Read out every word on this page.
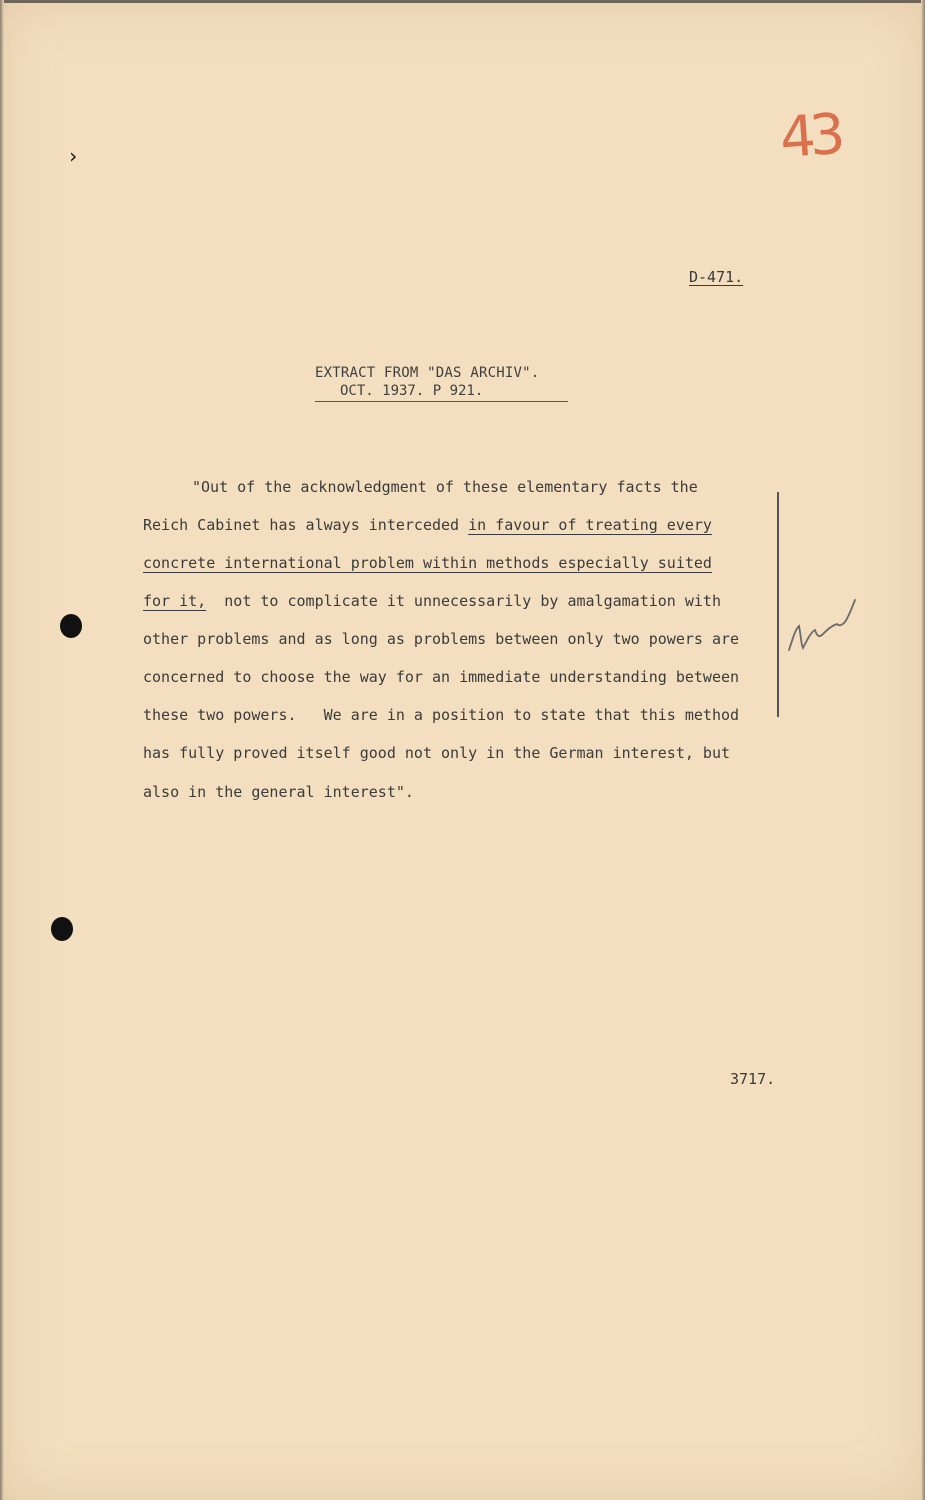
›	43
D-471.
EXTRACT FROM "DAS ARCHIV".
OCT. 1937. P 921.
"Out of the acknowledgment of these elementary facts the
Reich Cabinet has always interceded in favour of treating every
concrete international problem within methods especially suited
for it,  not to complicate it unnecessarily by amalgamation with
other problems and as long as problems between only two powers are
concerned to choose the way for an immediate understanding between
these two powers.   We are in a position to state that this method
has fully proved itself good not only in the German interest, but
also in the general interest".
3717.
